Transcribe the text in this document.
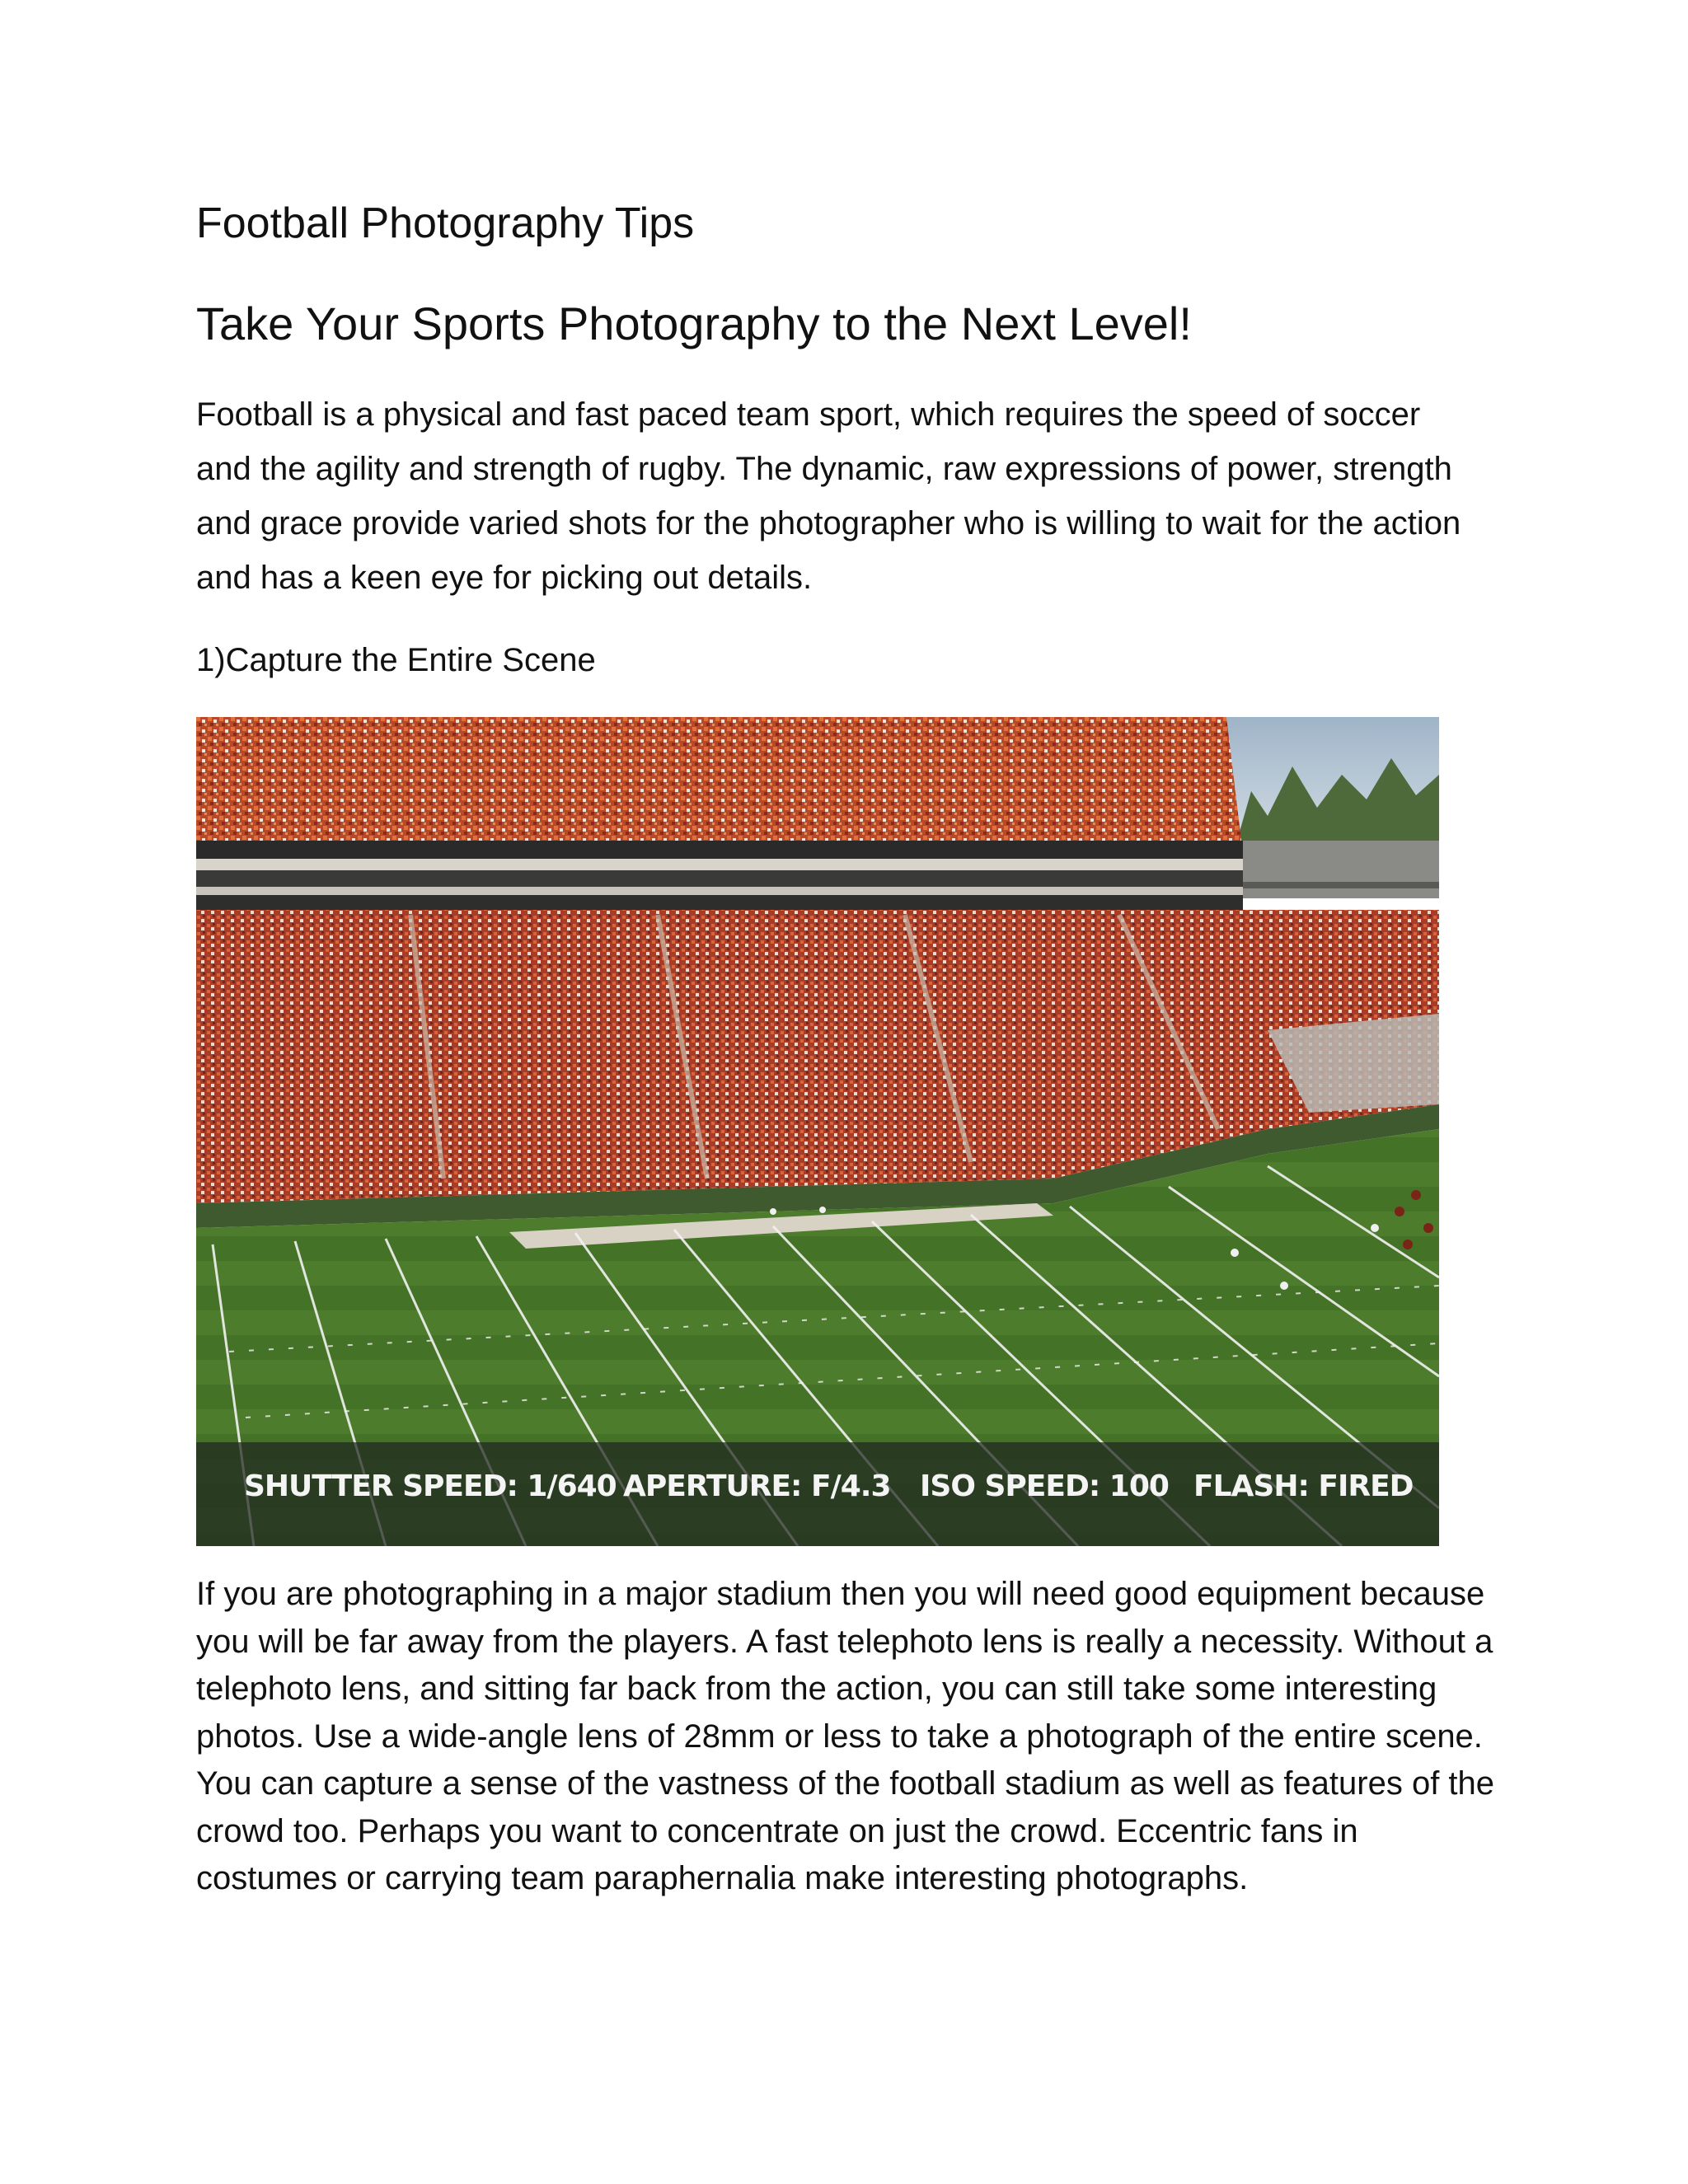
Football Photography Tips
Take Your Sports Photography to the Next Level!

Football is a physical and fast paced team sport, which requires the speed of soccer and the agility and strength of rugby. The dynamic, raw expressions of power, strength and grace provide varied shots for the photographer who is willing to wait for the action and has a keen eye for picking out details.

1)Capture the Entire Scene

SHUTTER SPEED: 1/640 APERTURE: F/4.3 ISO SPEED: 100 FLASH: FIRED

If you are photographing in a major stadium then you will need good equipment because you will be far away from the players. A fast telephoto lens is really a necessity. Without a telephoto lens, and sitting far back from the action, you can still take some interesting photos. Use a wide-angle lens of 28mm or less to take a photograph of the entire scene. You can capture a sense of the vastness of the football stadium as well as features of the crowd too. Perhaps you want to concentrate on just the crowd. Eccentric fans in costumes or carrying team paraphernalia make interesting photographs.
